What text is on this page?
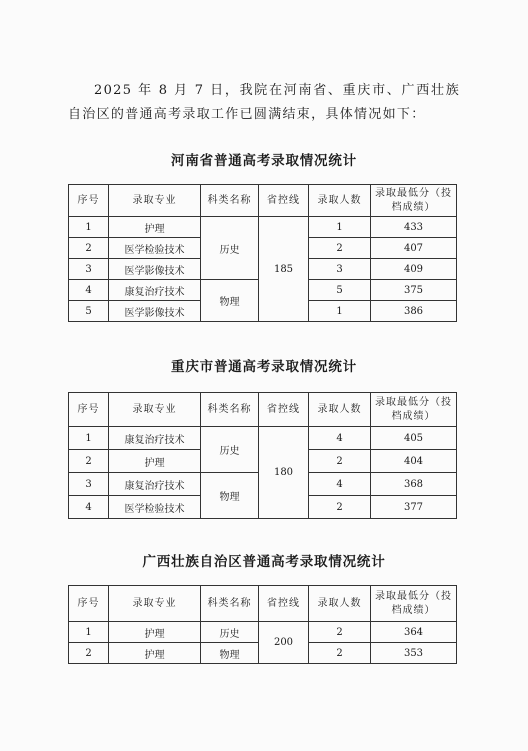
2025 年 8 月 7 日，我院在河南省、重庆市、广西壮族自治区的普通高考录取工作已圆满结束，具体情况如下：

河南省普通高考录取情况统计
序号	录取专业	科类名称	省控线	录取人数	录取最低分（投档成绩）
1	护理	历史	185	1	433
2	医学检验技术			2	407
3	医学影像技术			3	409
4	康复治疗技术	物理		5	375
5	医学影像技术			1	386
重庆市普通高考录取情况统计
序号	录取专业	科类名称	省控线	录取人数	录取最低分（投档成绩）
1	康复治疗技术	历史	180	4	405
2	护理			2	404
3	康复治疗技术	物理		4	368
4	医学检验技术			2	377
广西壮族自治区普通高考录取情况统计
序号	录取专业	科类名称	省控线	录取人数	录取最低分（投档成绩）
1	护理	历史	200	2	364
2	护理	物理		2	353
